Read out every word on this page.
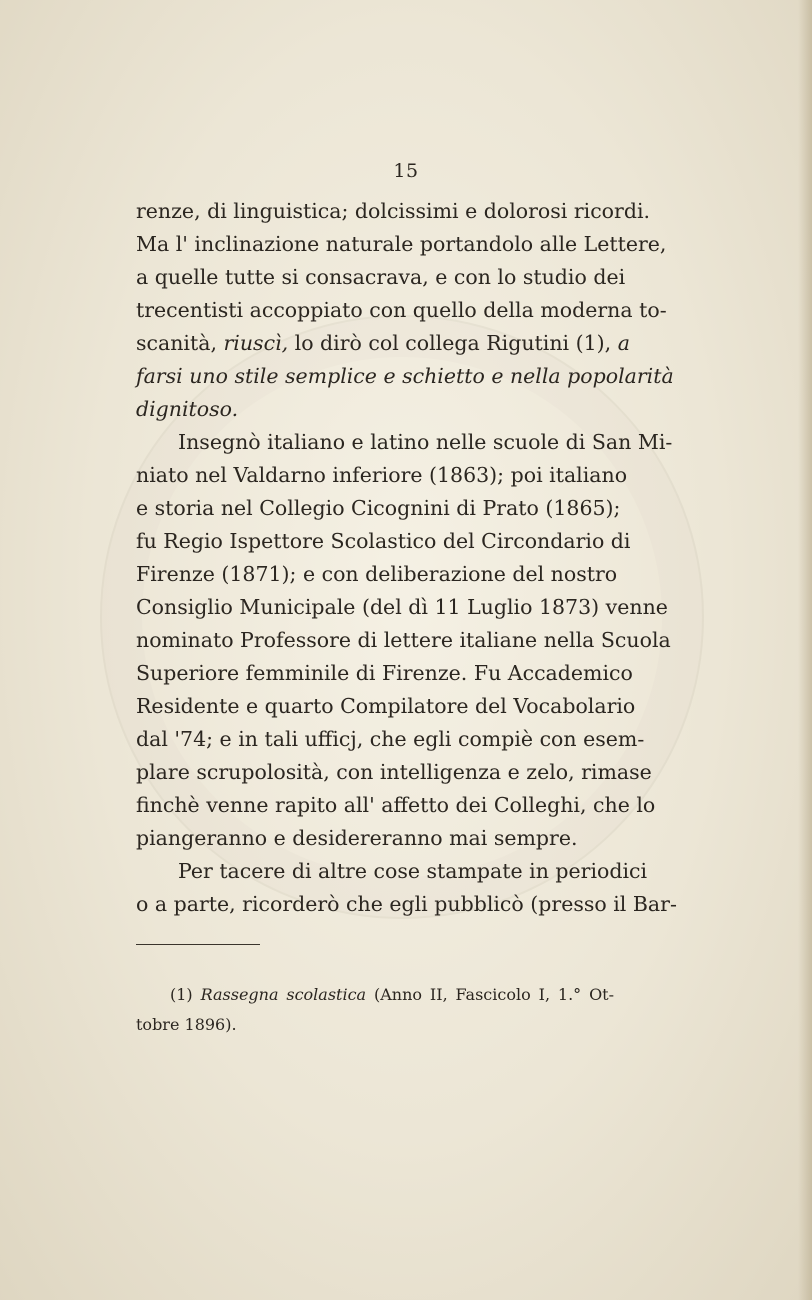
15
renze, di linguistica; dolcissimi e dolorosi ricordi.
Ma l' inclinazione naturale portandolo alle Lettere,
a quelle tutte si consacrava, e con lo studio dei
trecentisti accoppiato con quello della moderna to-
scanità, riuscì, lo dirò col collega Rigutini (1), a
farsi uno stile semplice e schietto e nella popolarità
dignitoso.
Insegnò italiano e latino nelle scuole di San Mi-
niato nel Valdarno inferiore (1863); poi italiano
e storia nel Collegio Cicognini di Prato (1865);
fu Regio Ispettore Scolastico del Circondario di
Firenze (1871); e con deliberazione del nostro
Consiglio Municipale (del dì 11 Luglio 1873) venne
nominato Professore di lettere italiane nella Scuola
Superiore femminile di Firenze. Fu Accademico
Residente e quarto Compilatore del Vocabolario
dal '74; e in tali ufficj, che egli compiè con esem-
plare scrupolosità, con intelligenza e zelo, rimase
finchè venne rapito all' affetto dei Colleghi, che lo
piangeranno e desidereranno mai sempre.
Per tacere di altre cose stampate in periodici
o a parte, ricorderò che egli pubblicò (presso il Bar-
(1) Rassegna scolastica (Anno II, Fascicolo I, 1.° Ot-
tobre 1896).
